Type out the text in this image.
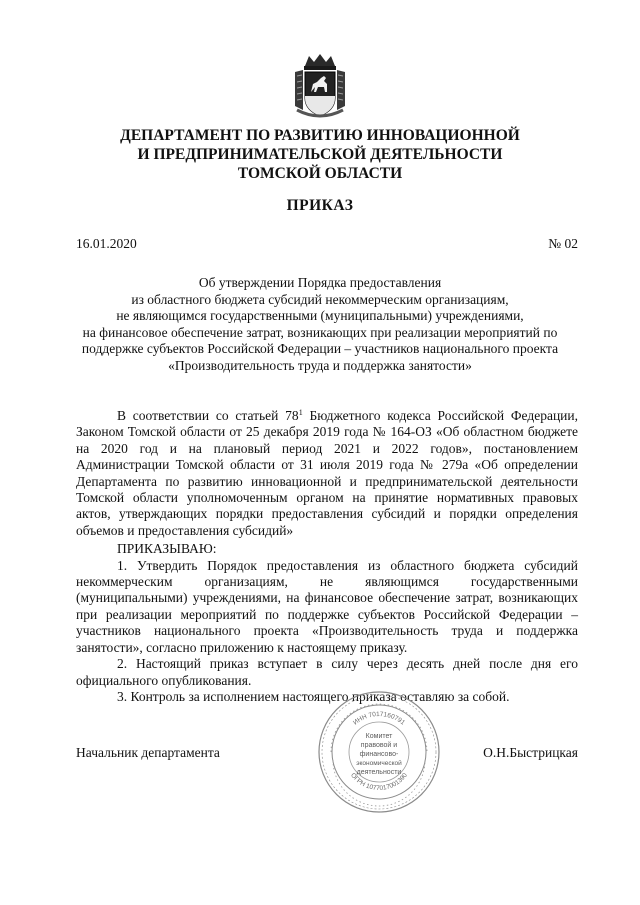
ДЕПАРТАМЕНТ ПО РАЗВИТИЮ ИННОВАЦИОННОЙ
И ПРЕДПРИНИМАТЕЛЬСКОЙ ДЕЯТЕЛЬНОСТИ
ТОМСКОЙ ОБЛАСТИ
ПРИКАЗ
16.01.2020	№ 02
Об утверждении Порядка предоставления
из областного бюджета субсидий некоммерческим организациям,
не являющимся государственными (муниципальными) учреждениями,
на финансовое обеспечение затрат, возникающих при реализации мероприятий по
поддержке субъектов Российской Федерации – участников национального проекта
«Производительность труда и поддержка занятости»

В соответствии со статьей $78^1$ Бюджетного кодекса Российской Федерации, Законом Томской области от 25 декабря 2019 года № 164-ОЗ «Об областном бюджете на 2020 год и на плановый период 2021 и 2022 годов», постановлением Администрации Томской области от 31 июля 2019 года № 279а «Об определении Департамента по развитию инновационной и предпринимательской деятельности Томской области уполномоченным органом на принятие нормативных правовых актов, утверждающих порядки предоставления субсидий и порядки определения объемов и предоставления субсидий»

ПРИКАЗЫВАЮ:

1. Утвердить Порядок предоставления из областного бюджета субсидий некоммерческим организациям, не являющимся государственными (муниципальными) учреждениями, на финансовое обеспечение затрат, возникающих при реализации мероприятий по поддержке субъектов Российской Федерации – участников национального проекта «Производительность труда и поддержка занятости», согласно приложению к настоящему приказу.

2. Настоящий приказ вступает в силу через десять дней после дня его официального опубликования.

3. Контроль за исполнением настоящего приказа оставляю за собой.

ИНН 7017160791
ОГРН 1077017001390
Комитет
правовой и
финансово-
экономической
деятельности
Начальник департамента	О.Н.Быстрицкая
